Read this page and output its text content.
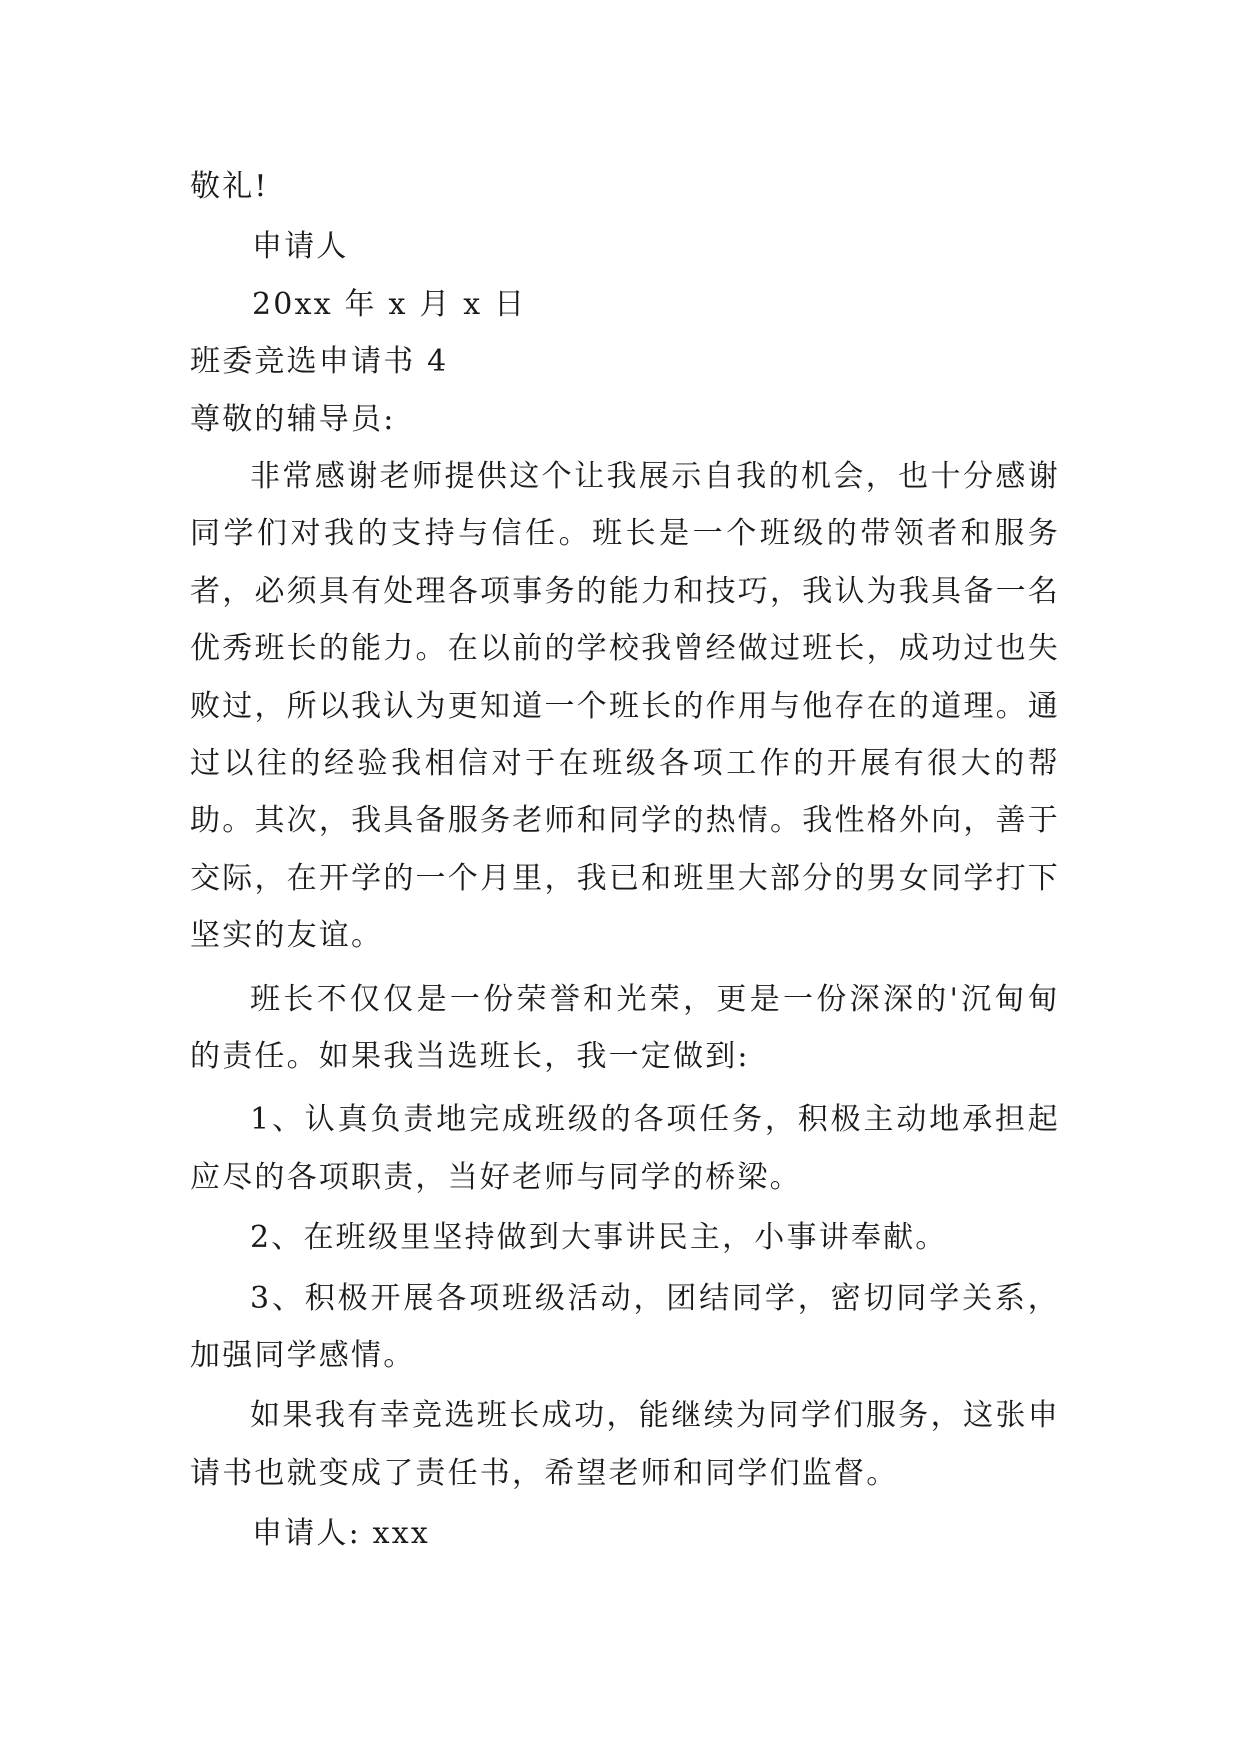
敬礼!

申请人

20xx 年 x 月 x 日

班委竞选申请书 4

尊敬的辅导员:

非常感谢老师提供这个让我展示自我的机会，也十分感谢同学们对我的支持与信任。班长是一个班级的带领者和服务者，必须具有处理各项事务的能力和技巧，我认为我具备一名优秀班长的能力。在以前的学校我曾经做过班长，成功过也失败过，所以我认为更知道一个班长的作用与他存在的道理。通过以往的经验我相信对于在班级各项工作的开展有很大的帮助。其次，我具备服务老师和同学的热情。我性格外向，善于交际，在开学的一个月里，我已和班里大部分的男女同学打下坚实的友谊。

班长不仅仅是一份荣誉和光荣，更是一份深深的'沉甸甸的责任。如果我当选班长，我一定做到:

1、认真负责地完成班级的各项任务，积极主动地承担起应尽的各项职责，当好老师与同学的桥梁。

2、在班级里坚持做到大事讲民主，小事讲奉献。

3、积极开展各项班级活动，团结同学，密切同学关系，加强同学感情。

如果我有幸竞选班长成功，能继续为同学们服务，这张申请书也就变成了责任书，希望老师和同学们监督。

申请人: xxx
